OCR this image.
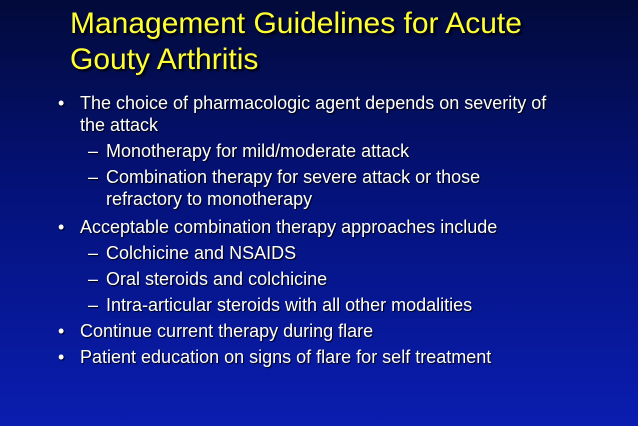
Management Guidelines for Acute
Gouty Arthritis
• The choice of pharmacologic agent depends on severity of
the attack
– Monotherapy for mild/moderate attack
– Combination therapy for severe attack or those
refractory to monotherapy
• Acceptable combination therapy approaches include
– Colchicine and NSAIDS
– Oral steroids and colchicine
– Intra-articular steroids with all other modalities
• Continue current therapy during flare
• Patient education on signs of flare for self treatment
